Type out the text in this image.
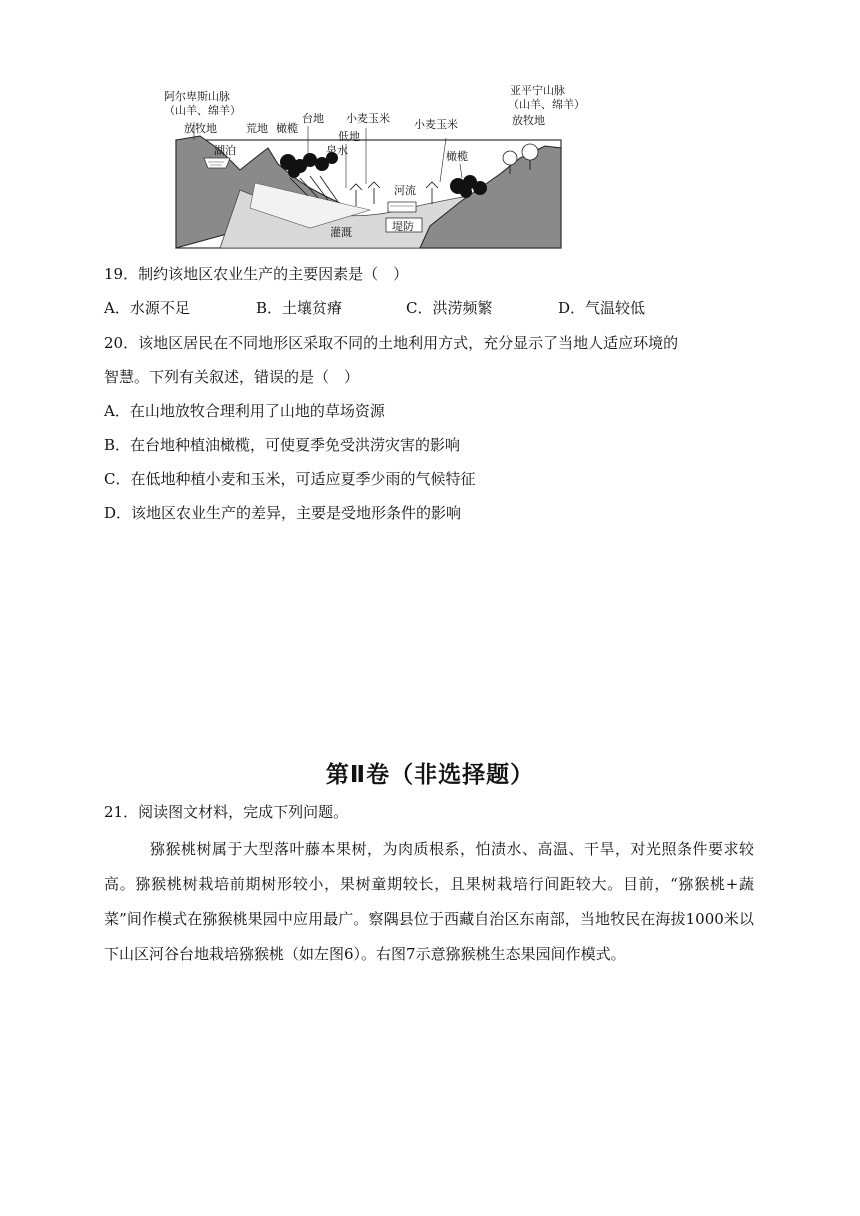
阿尔卑斯山脉
（山羊、绵羊）
放牧地
湖泊
荒地 橄榄
台地
低地
泉水
小麦玉米 小麦玉米
河流
橄榄
灌溉	堤防
亚平宁山脉
（山羊、绵羊）
放牧地
19．制约该地区农业生产的主要因素是（　）
A．水源不足	B．土壤贫瘠	C．洪涝频繁	D．气温较低
20．该地区居民在不同地形区采取不同的土地利用方式，充分显示了当地人适应环境的
智慧。下列有关叙述，错误的是（　）
A．在山地放牧合理利用了山地的草场资源
B．在台地种植油橄榄，可使夏季免受洪涝灾害的影响
C．在低地种植小麦和玉米，可适应夏季少雨的气候特征
D．该地区农业生产的差异，主要是受地形条件的影响
第Ⅱ卷（非选择题）
21．阅读图文材料，完成下列问题。
猕猴桃树属于大型落叶藤本果树，为肉质根系，怕渍水、高温、干旱，对光照条件要求较高。猕猴桃树栽培前期树形较小，果树童期较长，且果树栽培行间距较大。目前，“猕猴桃+蔬菜”间作模式在猕猴桃果园中应用最广。察隅县位于西藏自治区东南部，当地牧民在海拔1000米以下山区河谷台地栽培猕猴桃（如左图6）。右图7示意猕猴桃生态果园间作模式。
